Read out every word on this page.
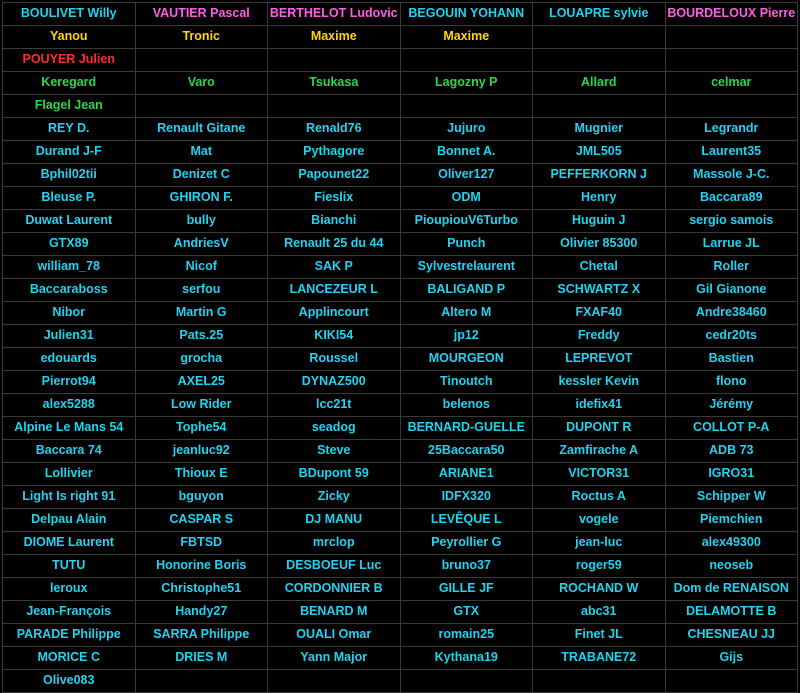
BOULIVET Willy	VAUTIER Pascal	BERTHELOT Ludovic	BEGOUIN YOHANN	LOUAPRE sylvie	BOURDELOUX Pierre
Yanou	Tronic	Maxime	Maxime		
POUYER Julien					
Keregard	Varo	Tsukasa	Lagozny P	Allard	celmar
Flagel Jean					
REY D.	Renault Gitane	Renald76	Jujuro	Mugnier	Legrandr
Durand J-F	Mat	Pythagore	Bonnet A.	JML505	Laurent35
Bphil02tii	Denizet C	Papounet22	Oliver127	PEFFERKORN J	Massole J-C.
Bleuse P.	GHIRON F.	Fieslix	ODM	Henry	Baccara89
Duwat Laurent	bully	Bianchi	PioupiouV6Turbo	Huguin J	sergio samois
GTX89	AndriesV	Renault 25 du 44	Punch	Olivier 85300	Larrue JL
william_78	Nicof	SAK P	Sylvestrelaurent	Chetal	Roller
Baccaraboss	serfou	LANCEZEUR L	BALIGAND P	SCHWARTZ X	Gil Gianone
Nibor	Martin G	Applincourt	Altero M	FXAF40	Andre38460
Julien31	Pats.25	KIKI54	jp12	Freddy	cedr20ts
edouards	grocha	Roussel	MOURGEON	LEPREVOT	Bastien
Pierrot94	AXEL25	DYNAZ500	Tinoutch	kessler Kevin	flono
alex5288	Low Rider	lcc21t	belenos	idefix41	Jérémy
Alpine Le Mans 54	Tophe54	seadog	BERNARD-GUELLE	DUPONT R	COLLOT P-A
Baccara 74	jeanluc92	Steve	25Baccara50	Zamfirache A	ADB 73
Lollivier	Thioux E	BDupont 59	ARIANE1	VICTOR31	IGRO31
Light Is right 91	bguyon	Zicky	IDFX320	Roctus A	Schipper W
Delpau Alain	CASPAR S	DJ MANU	LEVÊQUE L	vogele	Piemchien
DIOME Laurent	FBTSD	mrclop	Peyrollier G	jean-luc	alex49300
TUTU	Honorine Boris	DESBOEUF Luc	bruno37	roger59	neoseb
leroux	Christophe51	CORDONNIER B	GILLE JF	ROCHAND W	Dom de RENAISON
Jean-François	Handy27	BENARD M	GTX	abc31	DELAMOTTE B
PARADE Philippe	SARRA Philippe	OUALI Omar	romain25	Finet JL	CHESNEAU JJ
MORICE C	DRIES M	Yann Major	Kythana19	TRABANE72	Gijs
Olive083					
